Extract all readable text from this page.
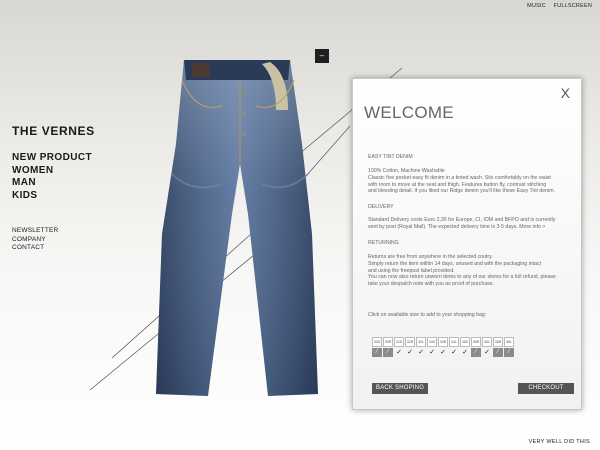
MUSIC FULLSCREEN
THE VERNES
NEW PRODUCT
WOMEN
MAN
KIDS
NEWSLETTER
COMPANY
CONTACT
–
WELCOME
X
EASY TINT DENIM

100% Cotton, Machine Washable

Classic five pocket easy fit denim in a tinted wash. Sits comfortably on the waist

with room to move at the seat and thigh. Features button fly, contrast stitching

and bleeding detail. If you liked our Ridge denim you'll like these Easy Tint denim.

DELIVERY

Standard Delivery costs Euro 2,95 for Europe, CI, IOM and BFPO and is currently

sent by post (Royal Mail). The expected delivery time is 3-5 days. More info >

RETURNING

Returns are free from anywhere in the selected coutry.

Simply return the item within 14 days, unused and with the packaging intact

and using the freepost label provided.

You can now also return unworn items to any of our stores for a full refund, please

take your despatch note with you as proof of purchase.

Click on available size to add to your shopping bag:
30S
⁄
30R
⁄
32S
✓
32R
✓
32L
✓
34S
✓
34R
✓
34L
✓
36S
✓
36R
⁄
36L
✓
38R
⁄
38L
⁄
BACK SHOPING	CHECKOUT
VERY WELL DID THIS
